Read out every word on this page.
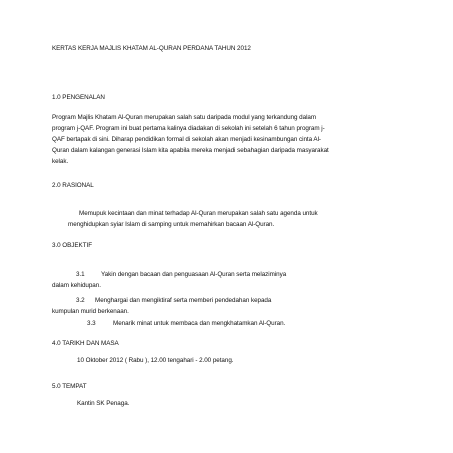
KERTAS KERJA MAJLIS KHATAM AL-QURAN PERDANA TAHUN 2012

1.0 PENGENALAN

Program Majlis Khatam Al-Quran merupakan salah satu daripada modul yang terkandung dalam

program j-QAF. Program ini buat pertama kalinya diadakan di sekolah ini setelah 6 tahun program j-

QAF bertapak di sini. Diharap pendidikan formal di sekolah akan menjadi kesinambungan cinta Al-

Quran dalam kalangan generasi Islam kita apabila mereka menjadi sebahagian daripada masyarakat

kelak.

2.0 RASIONAL

Memupuk kecintaan dan minat terhadap Al-Quran merupakan salah satu agenda untuk

menghidupkan syiar Islam di samping untuk memahirkan bacaan Al-Quran.

3.0 OBJEKTIF

3.1	Yakin dengan bacaan dan penguasaan Al-Quran serta melaziminya

dalam kehidupan.

3.2 Menghargai dan mengiktiraf serta memberi pendedahan kepada

kumpulan murid berkenaan.

3.3	Menarik minat untuk membaca dan mengkhatamkan Al-Quran.

4.0 TARIKH DAN MASA

10 Oktober 2012 ( Rabu ), 12.00 tengahari - 2.00 petang.

5.0 TEMPAT

Kantin SK Penaga.
